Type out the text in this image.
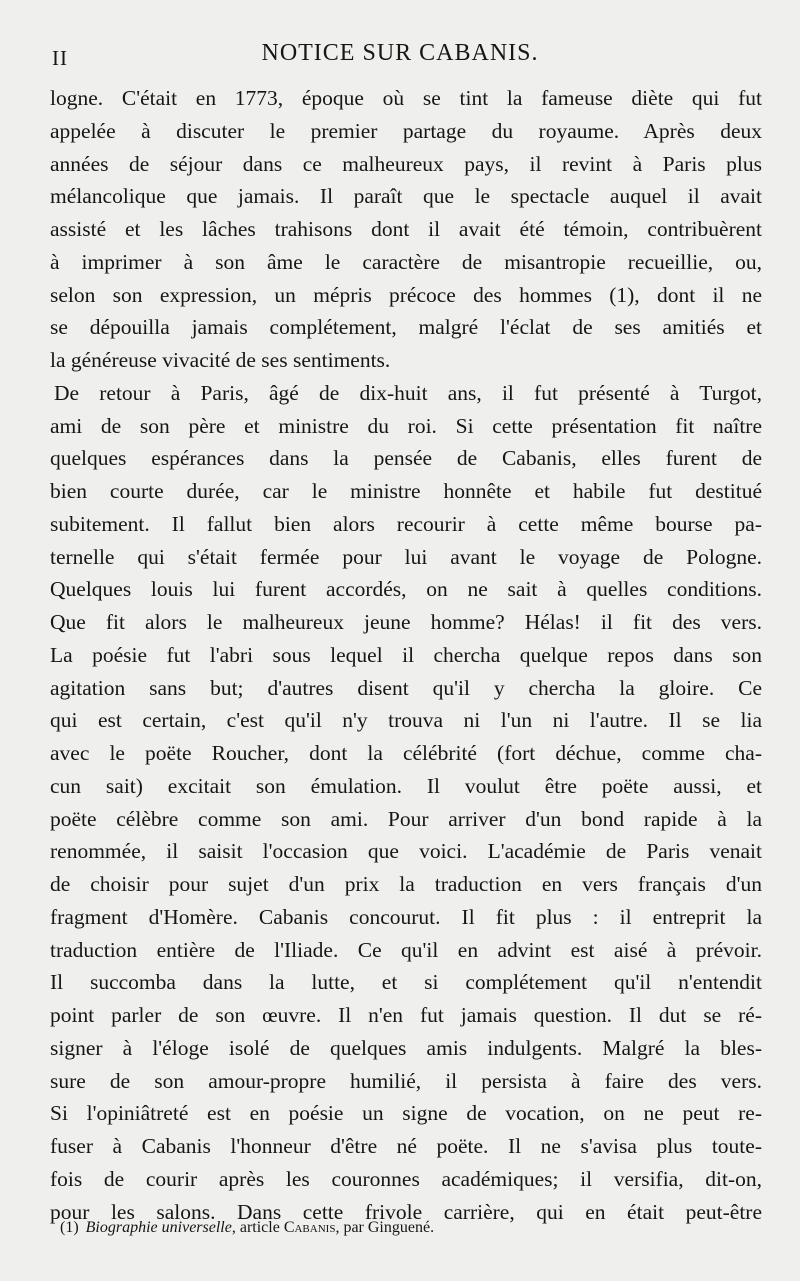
II	NOTICE SUR CABANIS.
logne. C'était en 1773, époque où se tint la fameuse diète qui fut
appelée à discuter le premier partage du royaume. Après deux
années de séjour dans ce malheureux pays, il revint à Paris plus
mélancolique que jamais. Il paraît que le spectacle auquel il avait
assisté et les lâches trahisons dont il avait été témoin, contribuèrent
à imprimer à son âme le caractère de misantropie recueillie, ou,
selon son expression, un mépris précoce des hommes (1), dont il ne
se dépouilla jamais complétement, malgré l'éclat de ses amitiés et
la généreuse vivacité de ses sentiments.
De retour à Paris, âgé de dix-huit ans, il fut présenté à Turgot,
ami de son père et ministre du roi. Si cette présentation fit naître
quelques espérances dans la pensée de Cabanis, elles furent de
bien courte durée, car le ministre honnête et habile fut destitué
subitement. Il fallut bien alors recourir à cette même bourse pa-
ternelle qui s'était fermée pour lui avant le voyage de Pologne.
Quelques louis lui furent accordés, on ne sait à quelles conditions.
Que fit alors le malheureux jeune homme? Hélas! il fit des vers.
La poésie fut l'abri sous lequel il chercha quelque repos dans son
agitation sans but; d'autres disent qu'il y chercha la gloire. Ce
qui est certain, c'est qu'il n'y trouva ni l'un ni l'autre. Il se lia
avec le poëte Roucher, dont la célébrité (fort déchue, comme cha-
cun sait) excitait son émulation. Il voulut être poëte aussi, et
poëte célèbre comme son ami. Pour arriver d'un bond rapide à la
renommée, il saisit l'occasion que voici. L'académie de Paris venait
de choisir pour sujet d'un prix la traduction en vers français d'un
fragment d'Homère. Cabanis concourut. Il fit plus : il entreprit la
traduction entière de l'Iliade. Ce qu'il en advint est aisé à prévoir.
Il succomba dans la lutte, et si complétement qu'il n'entendit
point parler de son œuvre. Il n'en fut jamais question. Il dut se ré-
signer à l'éloge isolé de quelques amis indulgents. Malgré la bles-
sure de son amour-propre humilié, il persista à faire des vers.
Si l'opiniâtreté est en poésie un signe de vocation, on ne peut re-
fuser à Cabanis l'honneur d'être né poëte. Il ne s'avisa plus toute-
fois de courir après les couronnes académiques; il versifia, dit-on,
pour les salons. Dans cette frivole carrière, qui en était peut-être
(1) Biographie universelle, article Cabanis, par Ginguené.
